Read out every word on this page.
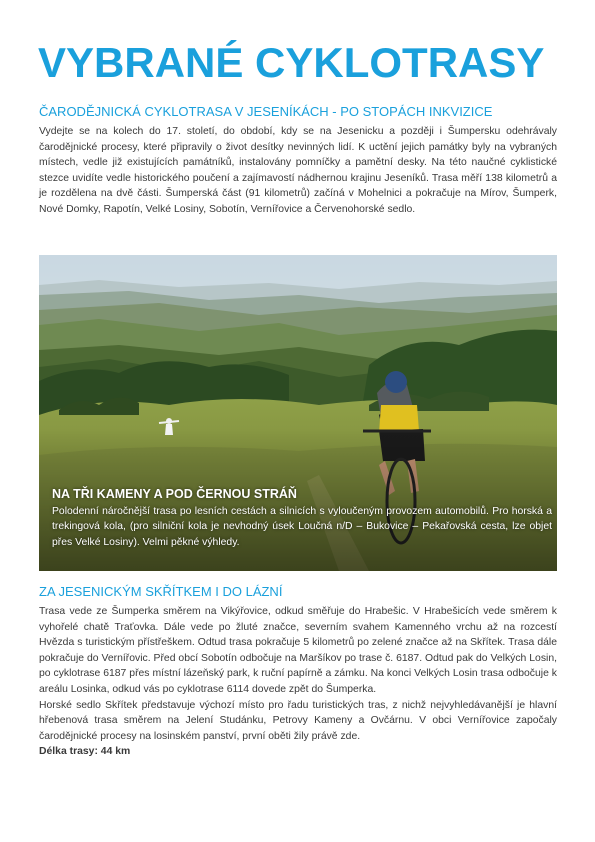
VYBRANÉ CYKLOTRASY
ČARODĚJNICKÁ CYKLOTRASA V JESENÍKÁCH - PO STOPÁCH INKVIZICE

Vydejte se na kolech do 17. století, do období, kdy se na Jesenicku a později i Šumpersku odehrávaly čarodějnické procesy, které připravily o život desítky nevinných lidí. K uctění jejich památky byly na vybraných místech, vedle již existujících památníků, instalovány pomníčky a pamětní desky. Na této naučné cyklistické stezce uvidíte vedle historického poučení a zajímavostí nádhernou krajinu Jeseníků. Trasa měří 138 kilometrů a je rozdělena na dvě části. Šumperská část (91 kilometrů) začíná v Mohelnici a pokračuje na Mírov, Šumperk, Nové Domky, Rapotín, Velké Losiny, Sobotín, Vernířovice a Červenohorské sedlo.

NA TŘI KAMENY A POD ČERNOU STRÁŇ

Polodenní náročnější trasa po lesních cestách a silnicích s vyloučeným provozem automobilů. Pro horská a trekingová kola, (pro silniční kola je nevhodný úsek Loučná n/D – Bukovice – Pekařovská cesta, lze objet přes Velké Losiny). Velmi pěkné výhledy.

ZA JESENICKÝM SKŘÍTKEM I DO LÁZNÍ

Trasa vede ze Šumperka směrem na Vikýřovice, odkud směřuje do Hrabešic. V Hrabešicích vede směrem k vyhořelé chatě Traťovka. Dále vede po žluté značce, severním svahem Kamenného vrchu až na rozcestí Hvězda s turistickým přístřeškem. Odtud trasa pokračuje 5 kilometrů po zelené značce až na Skřítek. Trasa dále pokračuje do Vernířovic. Před obcí Sobotín odbočuje na Maršíkov po trase č. 6187. Odtud pak do Velkých Losin, po cyklotrase 6187 přes místní lázeňský park, k ruční papírně a zámku. Na konci Velkých Losin trasa odbočuje k areálu Losinka, odkud vás po cyklotrase 6114 dovede zpět do Šumperka.

Horské sedlo Skřítek představuje výchozí místo pro řadu turistických tras, z nichž nejvyhledávanější je hlavní hřebenová trasa směrem na Jelení Studánku, Petrovy Kameny a Ovčárnu. V obci Vernířovice započaly čarodějnické procesy na losinském panství, první oběti žily právě zde.

Délka trasy: 44 km
